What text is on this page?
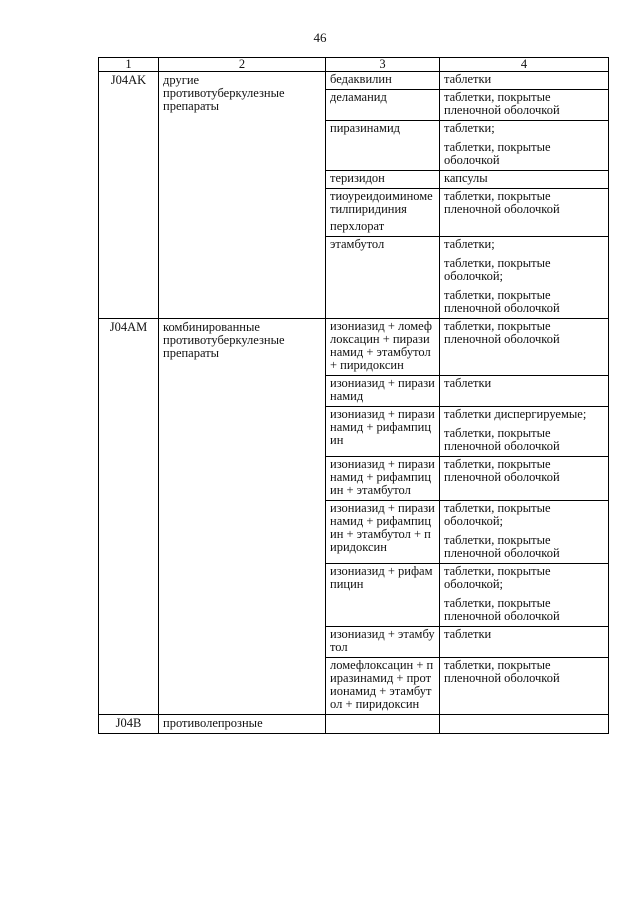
46
1	2	3	4
J04AK	другие противотуберкулезные препараты	бедаквилин	таблетки

		деламанид	таблетки, покрытые пленочной оболочкой

		пиразинамид	таблетки;
таблетки, покрытые оболочкой

		теризидон	капсулы

		тиоуреидоиминометилпиридиния
перхлорат	таблетки, покрытые пленочной оболочкой

		этамбутол	таблетки;
таблетки, покрытые оболочкой;
таблетки, покрытые пленочной оболочкой

J04AM	комбинированные противотуберкулезные препараты	изониазид + ломефлоксацин + пиразинамид + этамбутол + пиридоксин	таблетки, покрытые пленочной оболочкой

		изониазид + пиразинамид	таблетки

		изониазид + пиразинамид + рифампицин	таблетки диспергируемые;
таблетки, покрытые пленочной оболочкой

		изониазид + пиразинамид + рифампицин + этамбутол	таблетки, покрытые пленочной оболочкой

		изониазид + пиразинамид + рифампицин + этамбутол + пиридоксин	таблетки, покрытые оболочкой;
таблетки, покрытые пленочной оболочкой

		изониазид + рифампицин	таблетки, покрытые оболочкой;
таблетки, покрытые пленочной оболочкой

		изониазид + этамбутол	таблетки

		ломефлоксацин + пиразинамид + протионамид + этамбутол + пиридоксин	таблетки, покрытые пленочной оболочкой

J04B	противолепрозные	
